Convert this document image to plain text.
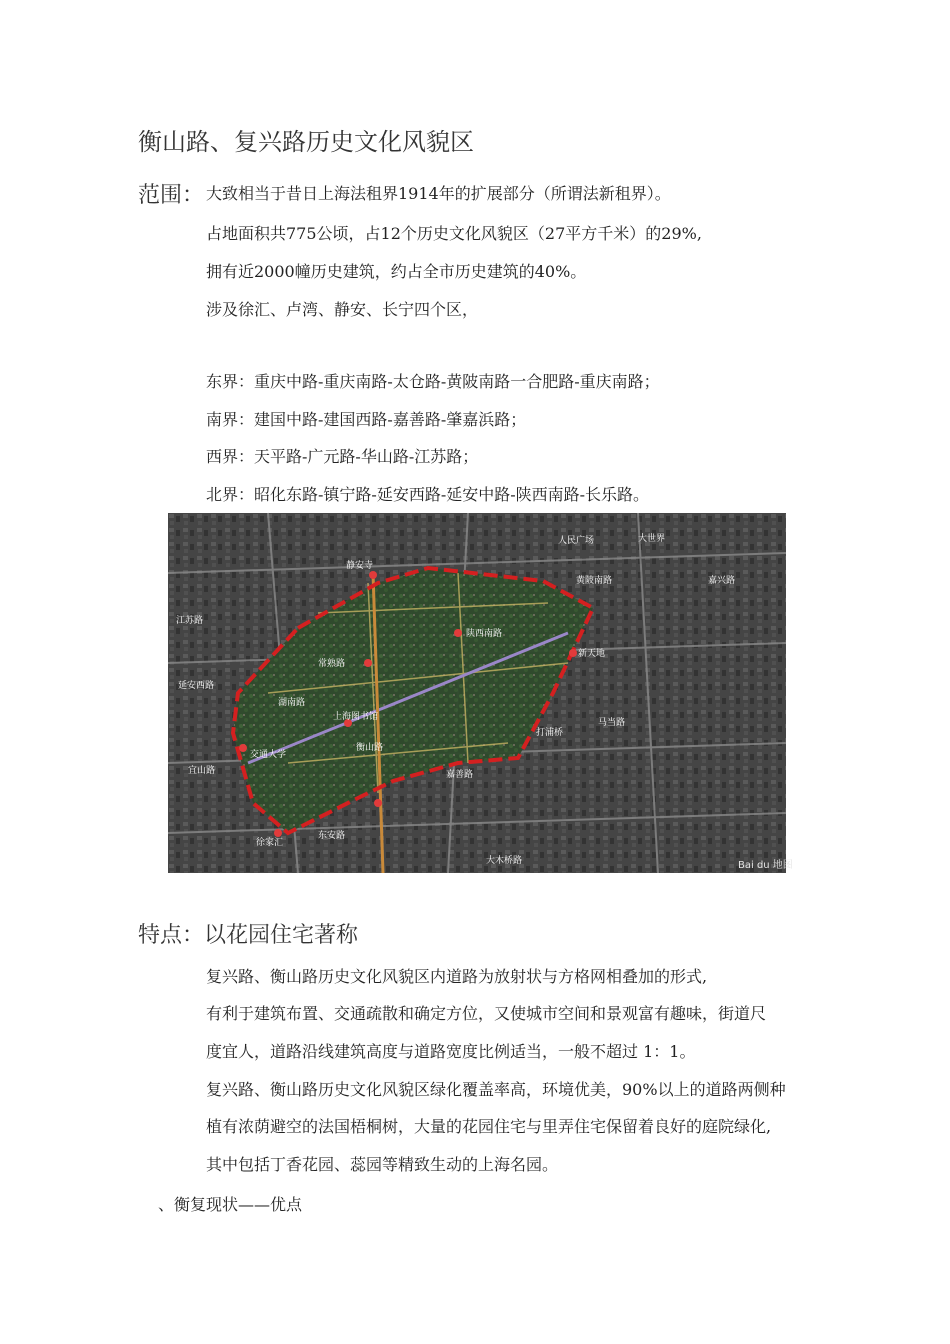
衡山路、复兴路历史文化风貌区
范围： 大致相当于昔日上海法租界1914年的扩展部分（所谓法新租界）。
占地面积共775公顷，占12个历史文化风貌区（27平方千米）的29%,
拥有近2000幢历史建筑，约占全市历史建筑的40%。
涉及徐汇、卢湾、静安、长宁四个区，
东界：重庆中路-重庆南路-太仓路-黄陂南路一合肥路-重庆南路；
南界：建国中路-建国西路-嘉善路-肇嘉浜路；
西界：天平路-广元路-华山路-江苏路；
北界：昭化东路-镇宁路-延安西路-延安中路-陕西南路-长乐路。
静安寺
陕西南路
常熟路
衡山路
上海图书馆
交通大学
湖南路
嘉善路
打浦桥
黄陂南路
新天地
马当路
大世界
徐家汇
嘉兴路
江苏路
延安西路
宜山路
东安路
大木桥路
人民广场
Bai du 地图
特点：以花园住宅著称
复兴路、衡山路历史文化风貌区内道路为放射状与方格网相叠加的形式,
有利于建筑布置、交通疏散和确定方位，又使城市空间和景观富有趣味，街道尺
度宜人，道路沿线建筑高度与道路宽度比例适当，一般不超过 1：1。
复兴路、衡山路历史文化风貌区绿化覆盖率高，环境优美，90%以上的道路两侧种
植有浓荫避空的法国梧桐树，大量的花园住宅与里弄住宅保留着良好的庭院绿化,
其中包括丁香花园、蕊园等精致生动的上海名园。
、衡复现状——优点
